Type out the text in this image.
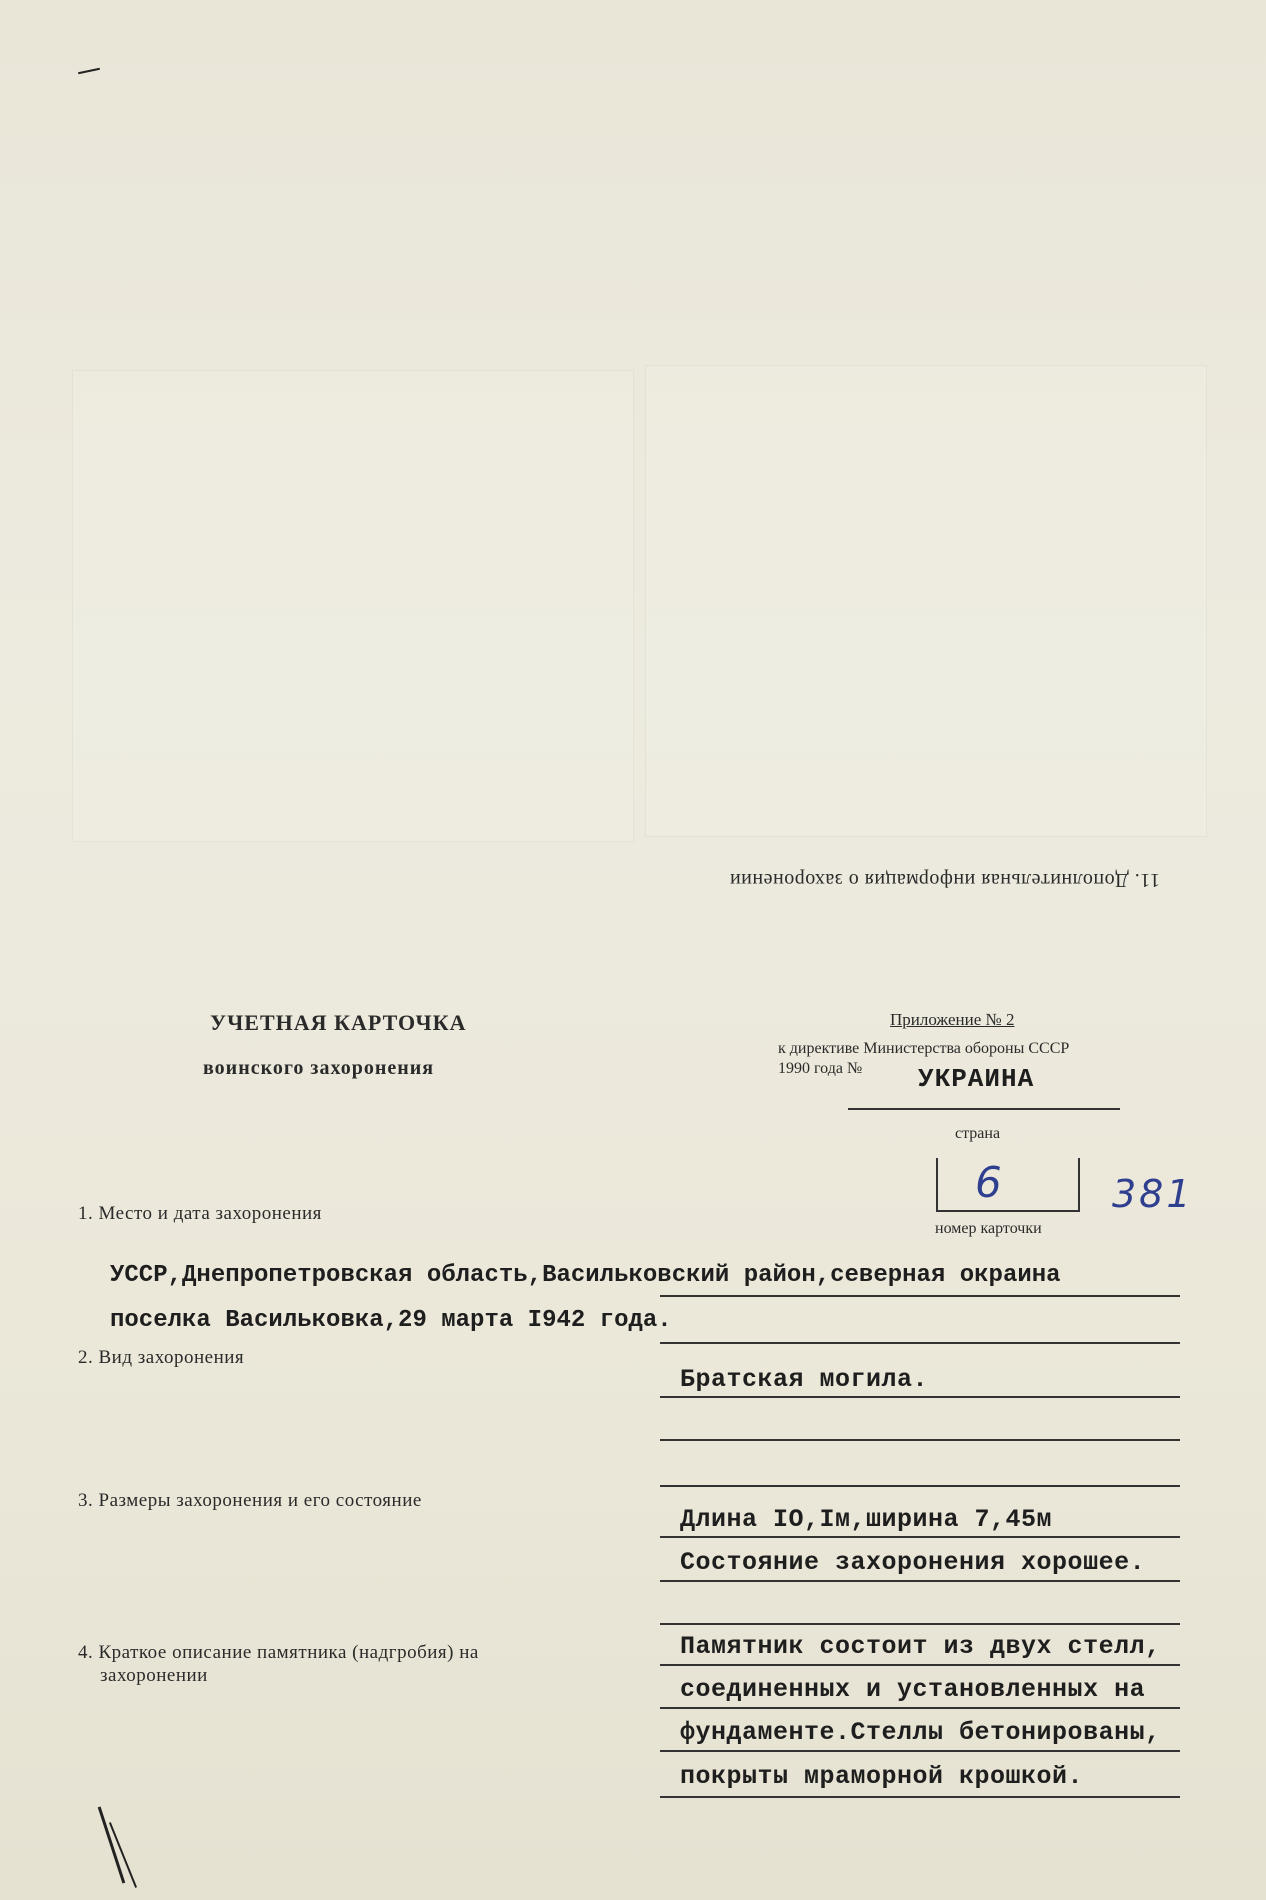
11. Дополнительная информация о захоронении
УЧЕТНАЯ КАРТОЧКА
воинского захоронения
Приложение № 2
к директиве Министерства обороны СССР
1990 года № УКРАИНА
страна
6
номер карточки
381
1. Место и дата захоронения
УССР,Днепропетровская область,Васильковский район,северная окраина
поселка Васильковка,29 марта I942 года.
2. Вид захоронения
Братская могила.
3. Размеры захоронения и его состояние
Длина IO,Iм,ширина 7,45м
Состояние захоронения хорошее.
4. Краткое описание памятника (надгробия) на
захоронении
Памятник состоит из двух стелл,
соединенных и установленных на
фундаменте.Стеллы бетонированы,
покрыты мраморной крошкой.
